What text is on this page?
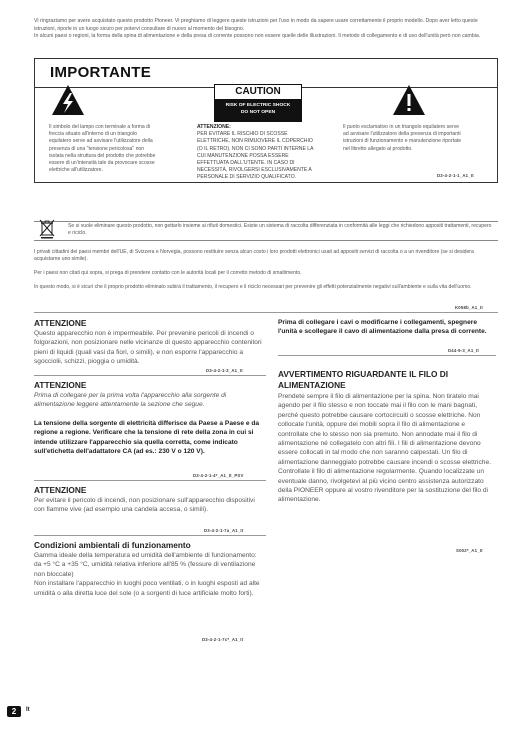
Vi ringraziamo per avere acquistato questo prodotto Pioneer. Vi preghiamo di leggere queste istruzioni per l'uso in modo da sapere usare correttamente il proprio modello. Dopo aver letto queste istruzioni, riporle in un luogo sicuro per potervi consultare di nuovo al momento del bisogno.

In alcuni paesi o regioni, la forma della spina di alimentazione e della presa di corrente possono non essere quelle delle illustrazioni. Il metodo di collegamento e di uso dell'unità però non cambia.

IMPORTANTE
CAUTION
RISK OF ELECTRIC SHOCK
DO NOT OPEN
Il simbolo del lampo con terminale a forma di freccia situato all'interno di un triangolo equilatero serve ad avvisare l'utilizzatore della presenza di una "tensione pericolosa" non isolata nella struttura del prodotto che potrebbe essere di un'intensità tale da provocare scosse elettriche all'utilizzatore.
ATTENZIONE:
PER EVITARE IL RISCHIO DI SCOSSE ELETTRICHE, NON RIMUOVERE IL COPERCHIO (O IL RETRO). NON CI SONO PARTI INTERNE LA CUI MANUTENZIONE POSSA ESSERE EFFETTUATA DALL'UTENTE. IN CASO DI NECESSITÀ, RIVOLGERSI ESCLUSIVAMENTE A PERSONALE DI SERVIZIO QUALIFICATO.
Il punto esclamativo in un triangolo equilatero serve ad avvisare l'utilizzatore della presenza di importanti istruzioni di funzionamento e manutenzione riportate nel libretto allegato al prodotto.
D3-4-2-1-1_A1_It
Se si vuole eliminare questo prodotto, non gettarlo insieme ai rifiuti domestici. Esiste un sistema di raccolta differenziata in conformità alle leggi che richiedono appositi trattamenti, recupero e riciclo.
I privati cittadini dei paesi membri dell'UE, di Svizzera e Norvegia, possono restituire senza alcun costo i loro prodotti elettronici usati ad appositi servizi di raccolta o a un rivenditore (se si desidera acquistarne uno simile).
Per i paesi non citati qui sopra, si prega di prendere contatto con le autorità locali per il corretto metodo di smaltimento.
In questo modo, si è sicuri che il proprio prodotto eliminato subirà il trattamento, il recupero e il riciclo necessari per prevenire gli effetti potenzialmente negativi sull'ambiente e sulla vita dell'uomo.
K058b_A1_It
ATTENZIONE
Questo apparecchio non è impermeabile. Per prevenire pericoli di incendi o folgorazioni, non posizionare nelle vicinanze di questo apparecchio contenitori pieni di liquidi (quali vasi da fiori, o simili), e non esporre l'apparecchio a sgocciolii, schizzi, pioggia o umidità.
D3-4-2-1-3_A1_It
ATTENZIONE
Prima di collegare per la prima volta l'apparecchio alla sorgente di alimentazione leggere attentamente la sezione che segue.
La tensione della sorgente di elettricità differisce da Paese a Paese e da regione a regione. Verificare che la tensione di rete della zona in cui si intende utilizzare l'apparecchio sia quella corretta, come indicato sull'etichetta dell'adattatore CA (ad es.: 230 V o 120 V).
D3-4-2-1-4*_A1_It_PSV
ATTENZIONE
Per evitare il pericolo di incendi, non posizionare sull'apparecchio dispositivi con fiamme vive (ad esempio una candela accesa, o simili).
D3-4-2-1-7a_A1_It
Condizioni ambientali di funzionamento
Gamma ideale della temperatura ed umidità dell'ambiente di funzionamento:
da +5 °C a +35 °C, umidità relativa inferiore all'85 % (fessure di ventilazione non bloccate)
Non installare l'apparecchio in luoghi poco ventilati, o in luoghi esposti ad alte umidità o alla diretta luce del sole (o a sorgenti di luce artificiale molto forti).
D3-4-2-1-7c*_A1_It
Prima di collegare i cavi o modificarne i collegamenti, spegnere l'unità e scollegare il cavo di alimentazione dalla presa di corrente.
D44-9-3_A1_It
AVVERTIMENTO RIGUARDANTE IL FILO DI ALIMENTAZIONE
Prendete sempre il filo di alimentazione per la spina. Non tiratelo mai agendo per il filo stesso e non toccate mai il filo con le mani bagnati, perché questo potrebbe causare cortocircuiti o scosse elettriche. Non collocate l'unità, oppure dei mobili sopra il filo di alimentazione e controllate che lo stesso non sia premuto. Non annodate mai il filo di alimentazione né collegatelo con altri fili. I fili di alimentazione devono essere collocati in tal modo che non saranno calpestati. Un filo di alimentazione danneggiato potrebbe causare incendi o scosse elettriche. Controllate il filo di alimentazione regolarmente. Quando localizzate un eventuale danno, rivolgetevi al più vicino centro assistenza autorizzato della PIONEER oppure al vostro rivenditore per la sostituzione del filo di alimentazione.
S002*_A1_It
2	It
